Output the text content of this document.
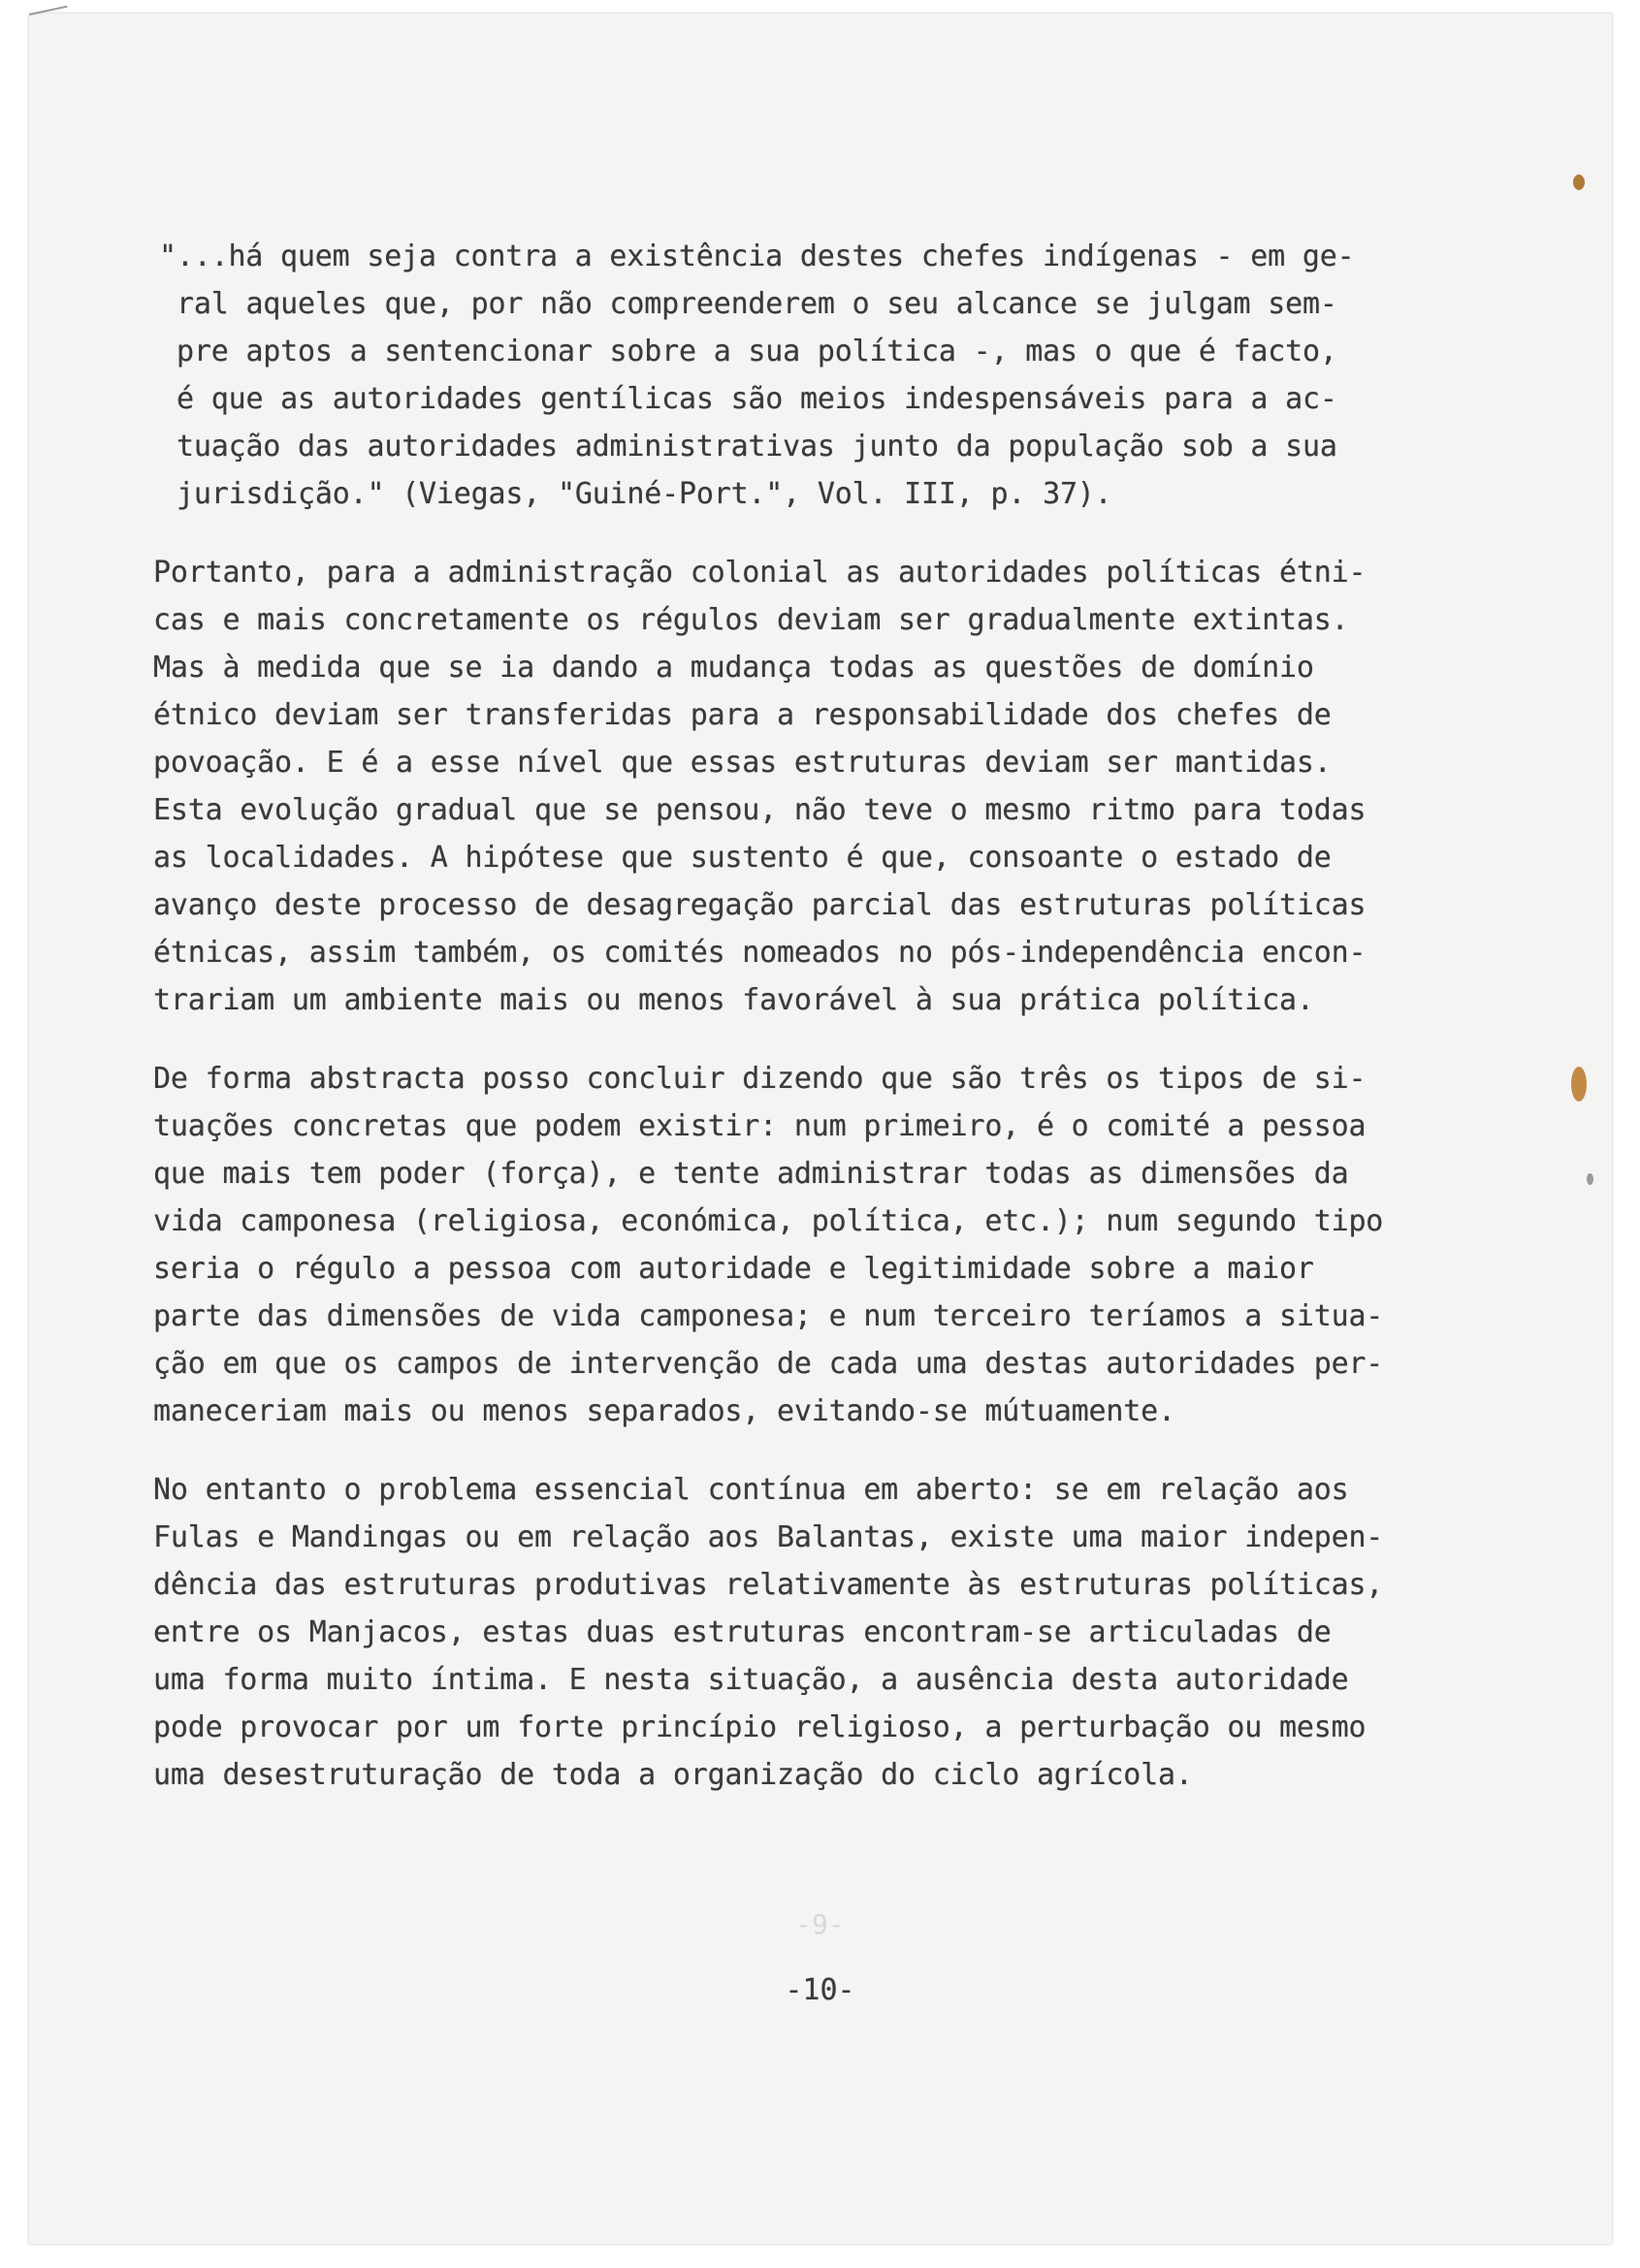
"...há quem seja contra a existência destes chefes indígenas - em ge-
ral aqueles que, por não compreenderem o seu alcance se julgam sem-
pre aptos a sentencionar sobre a sua política -, mas o que é facto,
é que as autoridades gentílicas são meios indespensáveis para a ac-
tuação das autoridades administrativas junto da população sob a sua
jurisdição." (Viegas, "Guiné-Port.", Vol. III, p. 37).
Portanto, para a administração colonial as autoridades políticas étni-
cas e mais concretamente os régulos deviam ser gradualmente extintas.
Mas à medida que se ia dando a mudança todas as questões de domínio
étnico deviam ser transferidas para a responsabilidade dos chefes de
povoação. E é a esse nível que essas estruturas deviam ser mantidas.
Esta evolução gradual que se pensou, não teve o mesmo ritmo para todas
as localidades. A hipótese que sustento é que, consoante o estado de
avanço deste processo de desagregação parcial das estruturas políticas
étnicas, assim também, os comités nomeados no pós-independência encon-
trariam um ambiente mais ou menos favorável à sua prática política.
De forma abstracta posso concluir dizendo que são três os tipos de si-
tuações concretas que podem existir: num primeiro, é o comité a pessoa
que mais tem poder (força), e tente administrar todas as dimensões da
vida camponesa (religiosa, económica, política, etc.); num segundo tipo
seria o régulo a pessoa com autoridade e legitimidade sobre a maior
parte das dimensões de vida camponesa; e num terceiro teríamos a situa-
ção em que os campos de intervenção de cada uma destas autoridades per-
maneceriam mais ou menos separados, evitando-se mútuamente.
No entanto o problema essencial contínua em aberto: se em relação aos
Fulas e Mandingas ou em relação aos Balantas, existe uma maior indepen-
dência das estruturas produtivas relativamente às estruturas políticas,
entre os Manjacos, estas duas estruturas encontram-se articuladas de
uma forma muito íntima. E nesta situação, a ausência desta autoridade
pode provocar por um forte princípio religioso, a perturbação ou mesmo
uma desestruturação de toda a organização do ciclo agrícola.
-9-
-10-
